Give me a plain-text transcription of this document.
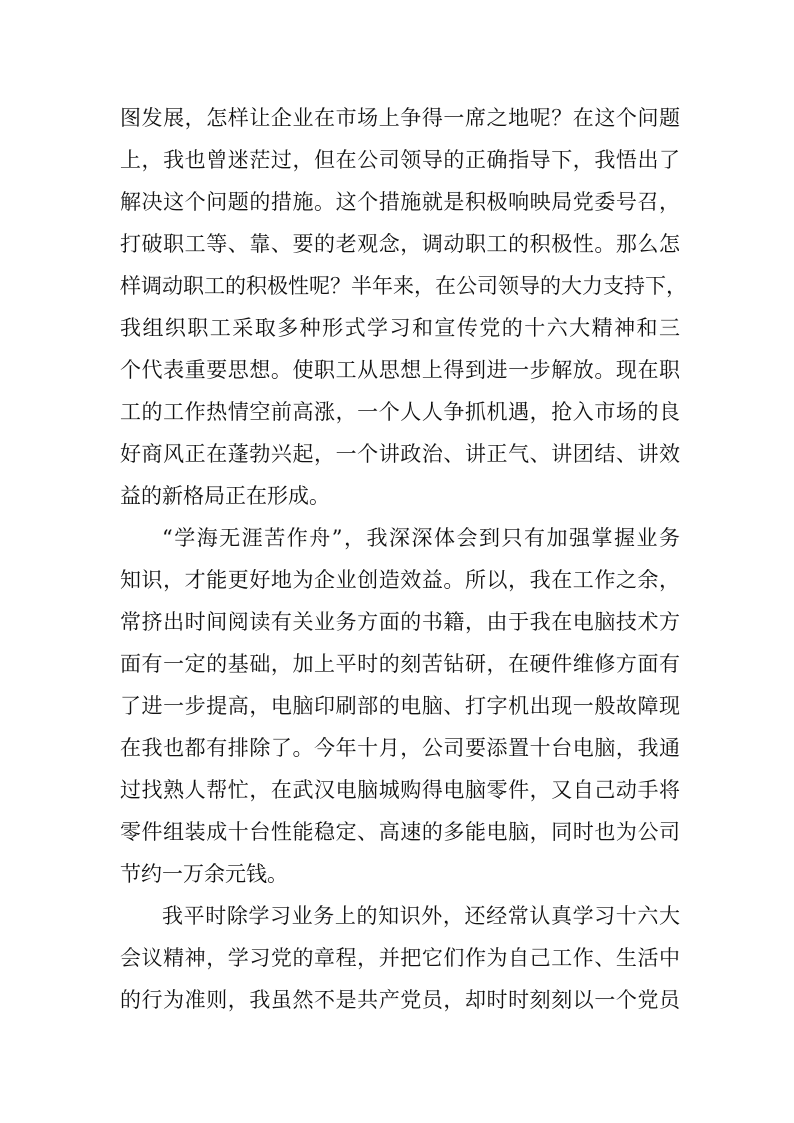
图发展，怎样让企业在市场上争得一席之地呢？在这个问题
上，我也曾迷茫过，但在公司领导的正确指导下，我悟出了
解决这个问题的措施。这个措施就是积极响映局党委号召，
打破职工等、靠、要的老观念，调动职工的积极性。那么怎
样调动职工的积极性呢？半年来，在公司领导的大力支持下，
我组织职工采取多种形式学习和宣传党的十六大精神和三
个代表重要思想。使职工从思想上得到进一步解放。现在职
工的工作热情空前高涨，一个人人争抓机遇，抢入市场的良
好商风正在蓬勃兴起，一个讲政治、讲正气、讲团结、讲效
益的新格局正在形成。
“学海无涯苦作舟”，我深深体会到只有加强掌握业务
知识，才能更好地为企业创造效益。所以，我在工作之余，
常挤出时间阅读有关业务方面的书籍，由于我在电脑技术方
面有一定的基础，加上平时的刻苦钻研，在硬件维修方面有
了进一步提高，电脑印刷部的电脑、打字机出现一般故障现
在我也都有排除了。今年十月，公司要添置十台电脑，我通
过找熟人帮忙，在武汉电脑城购得电脑零件，又自己动手将
零件组装成十台性能稳定、高速的多能电脑，同时也为公司
节约一万余元钱。
我平时除学习业务上的知识外，还经常认真学习十六大
会议精神，学习党的章程，并把它们作为自己工作、生活中
的行为准则，我虽然不是共产党员，却时时刻刻以一个党员
